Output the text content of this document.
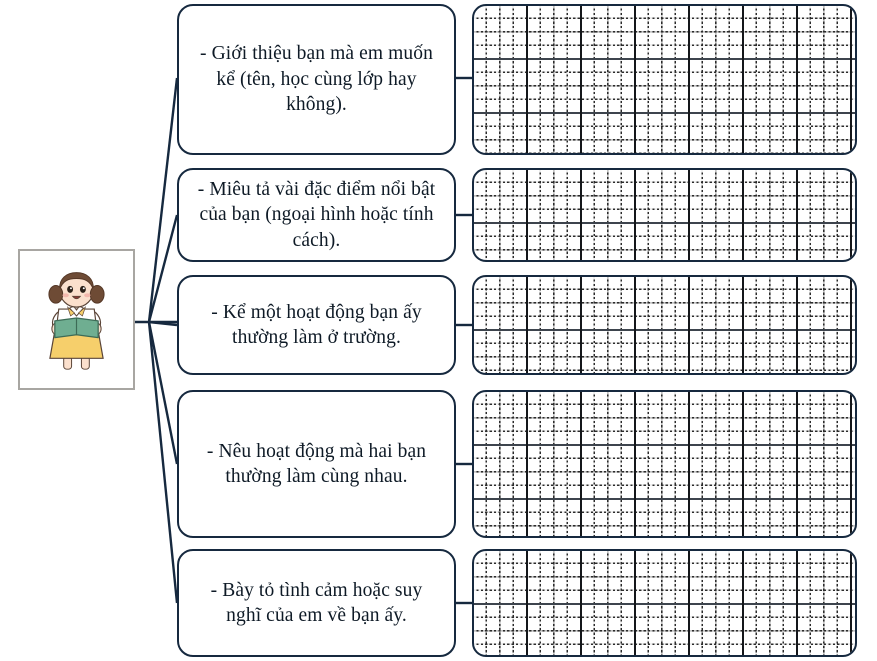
- Giới thiệu bạn mà em muốn kể (tên, học cùng lớp hay không).

- Miêu tả vài đặc điểm nổi bật của bạn (ngoại hình hoặc tính cách).

- Kể một hoạt động bạn ấy thường làm ở trường.

- Nêu hoạt động mà hai bạn thường làm cùng nhau.

- Bày tỏ tình cảm hoặc suy nghĩ của em về bạn ấy.
